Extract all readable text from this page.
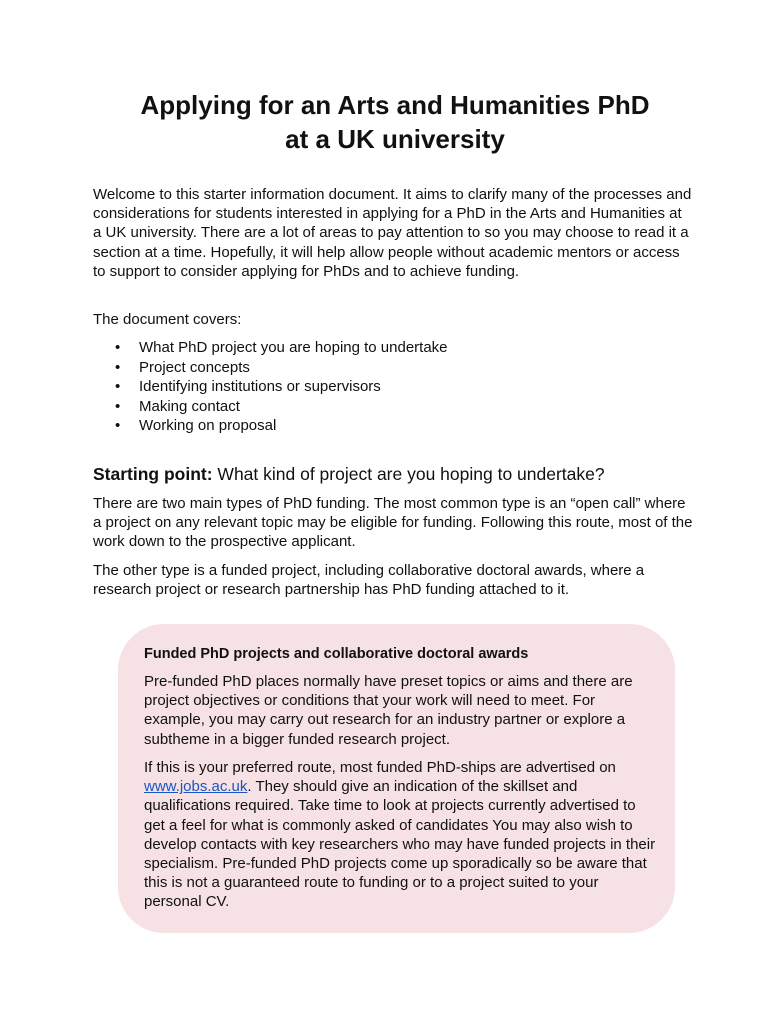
Applying for an Arts and Humanities PhD
at a UK university

Welcome to this starter information document. It aims to clarify many of the processes and considerations for students interested in applying for a PhD in the Arts and Humanities at a UK university. There are a lot of areas to pay attention to so you may choose to read it a section at a time. Hopefully, it will help allow people without academic mentors or access to support to consider applying for PhDs and to achieve funding.

The document covers:

• What PhD project you are hoping to undertake
• Project concepts
• Identifying institutions or supervisors
• Making contact
• Working on proposal
Starting point: What kind of project are you hoping to undertake?

There are two main types of PhD funding. The most common type is an “open call” where a project on any relevant topic may be eligible for funding. Following this route, most of the work down to the prospective applicant.

The other type is a funded project, including collaborative doctoral awards, where a research project or research partnership has PhD funding attached to it.

Funded PhD projects and collaborative doctoral awards

Pre-funded PhD places normally have preset topics or aims and there are project objectives or conditions that your work will need to meet. For example, you may carry out research for an industry partner or explore a subtheme in a bigger funded research project.

If this is your preferred route, most funded PhD-ships are advertised on www.jobs.ac.uk. They should give an indication of the skillset and qualifications required. Take time to look at projects currently advertised to get a feel for what is commonly asked of candidates You may also wish to develop contacts with key researchers who may have funded projects in their specialism. Pre-funded PhD projects come up sporadically so be aware that this is not a guaranteed route to funding or to a project suited to your personal CV.
